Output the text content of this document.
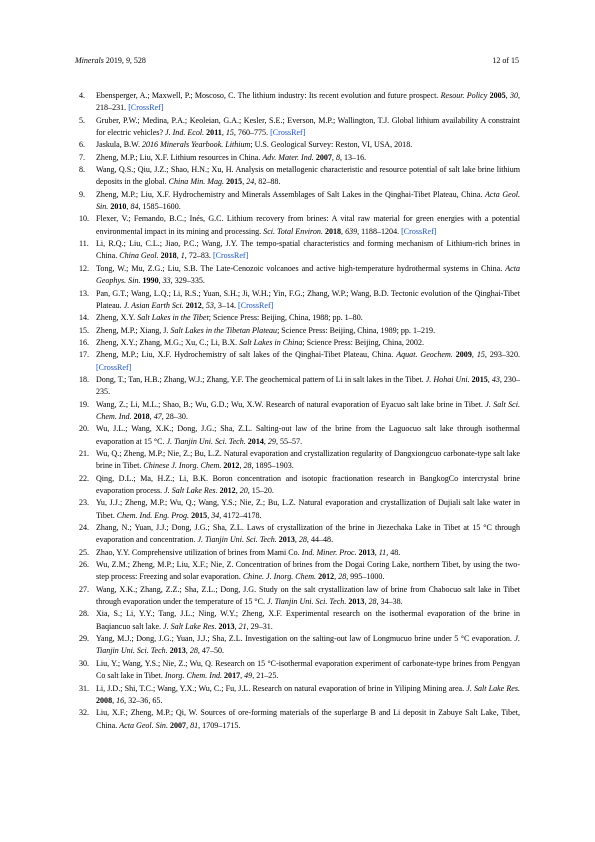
Minerals 2019, 9, 528	12 of 15
4. Ebensperger, A.; Maxwell, P.; Moscoso, C. The lithium industry: Its recent evolution and future prospect. Resour. Policy 2005, 30, 218–231. [CrossRef]
5. Gruber, P.W.; Medina, P.A.; Keoleian, G.A.; Kesler, S.E.; Everson, M.P.; Wallington, T.J. Global lithium availability A constraint for electric vehicles? J. Ind. Ecol. 2011, 15, 760–775. [CrossRef]
6. Jaskula, B.W. 2016 Minerals Yearbook. Lithium; U.S. Geological Survey: Reston, VI, USA, 2018.
7. Zheng, M.P.; Liu, X.F. Lithium resources in China. Adv. Mater. Ind. 2007, 8, 13–16.
8. Wang, Q.S.; Qiu, J.Z.; Shao, H.N.; Xu, H. Analysis on metallogenic characteristic and resource potential of salt lake brine lithium deposits in the global. China Min. Mag. 2015, 24, 82–88.
9. Zheng, M.P.; Liu, X.F. Hydrochemistry and Minerals Assemblages of Salt Lakes in the Qinghai-Tibet Plateau, China. Acta Geol. Sin. 2010, 84, 1585–1600.
10. Flexer, V.; Femando, B.C.; Inés, G.C. Lithium recovery from brines: A vital raw material for green energies with a potential environmental impact in its mining and processing. Sci. Total Environ. 2018, 639, 1188–1204. [CrossRef]
11. Li, R.Q.; Liu, C.L.; Jiao, P.C.; Wang, J.Y. The tempo-spatial characteristics and forming mechanism of Lithium-rich brines in China. China Geol. 2018, 1, 72–83. [CrossRef]
12. Tong, W.; Mu, Z.G.; Liu, S.B. The Late-Cenozoic volcanoes and active high-temperature hydrothermal systems in China. Acta Geophys. Sin. 1990, 33, 329–335.
13. Pan, G.T.; Wang, L.Q.; Li, R.S.; Yuan, S.H.; Ji, W.H.; Yin, F.G.; Zhang, W.P.; Wang, B.D. Tectonic evolution of the Qinghai-Tibet Plateau. J. Asian Earth Sci. 2012, 53, 3–14. [CrossRef]
14. Zheng, X.Y. Salt Lakes in the Tibet; Science Press: Beijing, China, 1988; pp. 1–80.
15. Zheng, M.P.; Xiang, J. Salt Lakes in the Tibetan Plateau; Science Press: Beijing, China, 1989; pp. 1–219.
16. Zheng, X.Y.; Zhang, M.G.; Xu, C.; Li, B.X. Salt Lakes in China; Science Press: Beijing, China, 2002.
17. Zheng, M.P.; Liu, X.F. Hydrochemistry of salt lakes of the Qinghai-Tibet Plateau, China. Aquat. Geochem. 2009, 15, 293–320. [CrossRef]
18. Dong, T.; Tan, H.B.; Zhang, W.J.; Zhang, Y.F. The geochemical pattern of Li in salt lakes in the Tibet. J. Hohai Uni. 2015, 43, 230–235.
19. Wang, Z.; Li, M.L.; Shao, B.; Wu, G.D.; Wu, X.W. Research of natural evaporation of Eyacuo salt lake brine in Tibet. J. Salt Sci. Chem. Ind. 2018, 47, 28–30.
20. Wu, J.L.; Wang, X.K.; Dong, J.G.; Sha, Z.L. Salting-out law of the brine from the Laguocuo salt lake through isothermal evaporation at 15 °C. J. Tianjin Uni. Sci. Tech. 2014, 29, 55–57.
21. Wu, Q.; Zheng, M.P.; Nie, Z.; Bu, L.Z. Natural evaporation and crystallization regularity of Dangxiongcuo carbonate-type salt lake brine in Tibet. Chinese J. Inorg. Chem. 2012, 28, 1895–1903.
22. Qing, D.L.; Ma, H.Z.; Li, B.K. Boron concentration and isotopic fractionation research in BangkogCo intercrystal brine evaporation process. J. Salt Lake Res. 2012, 20, 15–20.
23. Yu, J.J.; Zheng, M.P.; Wu, Q.; Wang, Y.S.; Nie, Z.; Bu, L.Z. Natural evaporation and crystallization of Dujiali salt lake water in Tibet. Chem. Ind. Eng. Prog. 2015, 34, 4172–4178.
24. Zhang, N.; Yuan, J.J.; Dong, J.G.; Sha, Z.L. Laws of crystallization of the brine in Jiezechaka Lake in Tibet at 15 °C through evaporation and concentration. J. Tianjin Uni. Sci. Tech. 2013, 28, 44–48.
25. Zhao, Y.Y. Comprehensive utilization of brines from Mami Co. Ind. Miner. Proc. 2013, 11, 48.
26. Wu, Z.M.; Zheng, M.P.; Liu, X.F.; Nie, Z. Concentration of brines from the Dogai Coring Lake, northern Tibet, by using the two-step process: Freezing and solar evaporation. Chine. J. Inorg. Chem. 2012, 28, 995–1000.
27. Wang, X.K.; Zhang, Z.Z.; Sha, Z.L.; Dong, J.G. Study on the salt crystallization law of brine from Chabocuo salt lake in Tibet through evaporation under the temperature of 15 °C. J. Tianjin Uni. Sci. Tech. 2013, 28, 34–38.
28. Xia, S.; Li, Y.Y.; Tang, J.L.; Ning, W.Y.; Zheng, X.F. Experimental research on the isothermal evaporation of the brine in Baqiancuo salt lake. J. Salt Lake Res. 2013, 21, 29–31.
29. Yang, M.J.; Dong, J.G.; Yuan, J.J.; Sha, Z.L. Investigation on the salting-out law of Longmucuo brine under 5 °C evaporation. J. Tianjin Uni. Sci. Tech. 2013, 28, 47–50.
30. Liu, Y.; Wang, Y.S.; Nie, Z.; Wu, Q. Research on 15 °C-isothermal evaporation experiment of carbonate-type brines from Pengyan Co salt lake in Tibet. Inorg. Chem. Ind. 2017, 49, 21–25.
31. Li, J.D.; Shi, T.C.; Wang, Y.X.; Wu, C.; Fu, J.L. Research on natural evaporation of brine in Yiliping Mining area. J. Salt Lake Res. 2008, 16, 32–36, 65.
32. Liu, X.F.; Zheng, M.P.; Qi, W. Sources of ore-forming materials of the superlarge B and Li deposit in Zabuye Salt Lake, Tibet, China. Acta Geol. Sin. 2007, 81, 1709–1715.
